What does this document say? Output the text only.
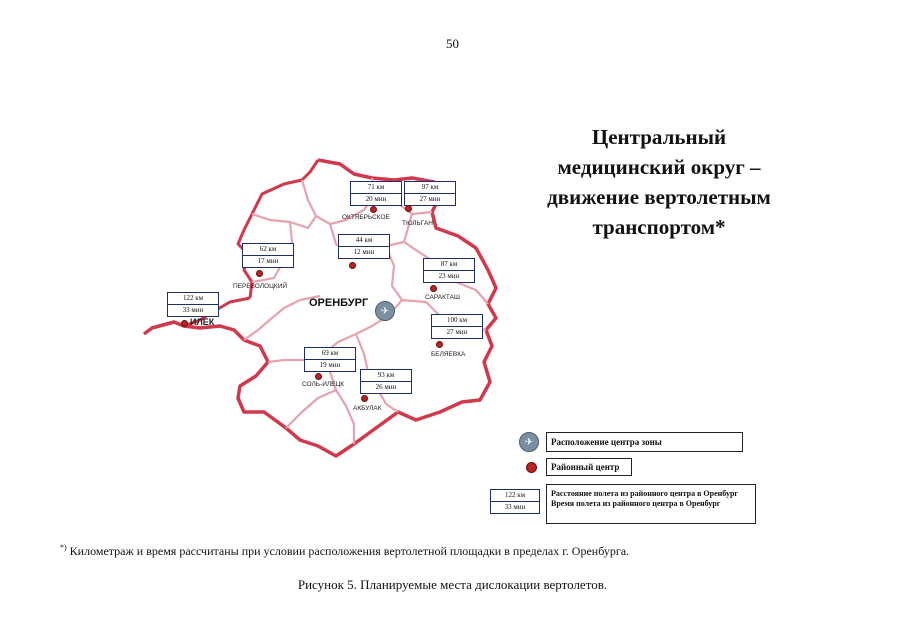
50
Центральный
медицинский округ –
движение вертолетным
транспортом*
71 км
20 мин
ОКТЯБРЬСКОЕ
97 км
27 мин
ТЮЛЬГАН
62 км
17 мин
ПЕРЕВОЛОЦКИЙ
44 км
12 мин
87 км
23 мин
САРАКТАШ
ОРЕНБУРГ
✈
122 км
33 мин
ИЛЕК	100 км
27 мин
БЕЛЯЕВКА
69 км
19 мин
СОЛЬ-ИЛЕЦК
93 км
26 мин
АКБУЛАК
✈	Расположение центра зоны
Районный центр
122 км
33 мин
Расстояние полета из районного центра в Оренбург
Время полета из районного центра в Оренбург
*) Километраж и время рассчитаны при условии расположения вертолетной площадки в пределах г. Оренбурга.
Рисунок 5. Планируемые места дислокации вертолетов.
